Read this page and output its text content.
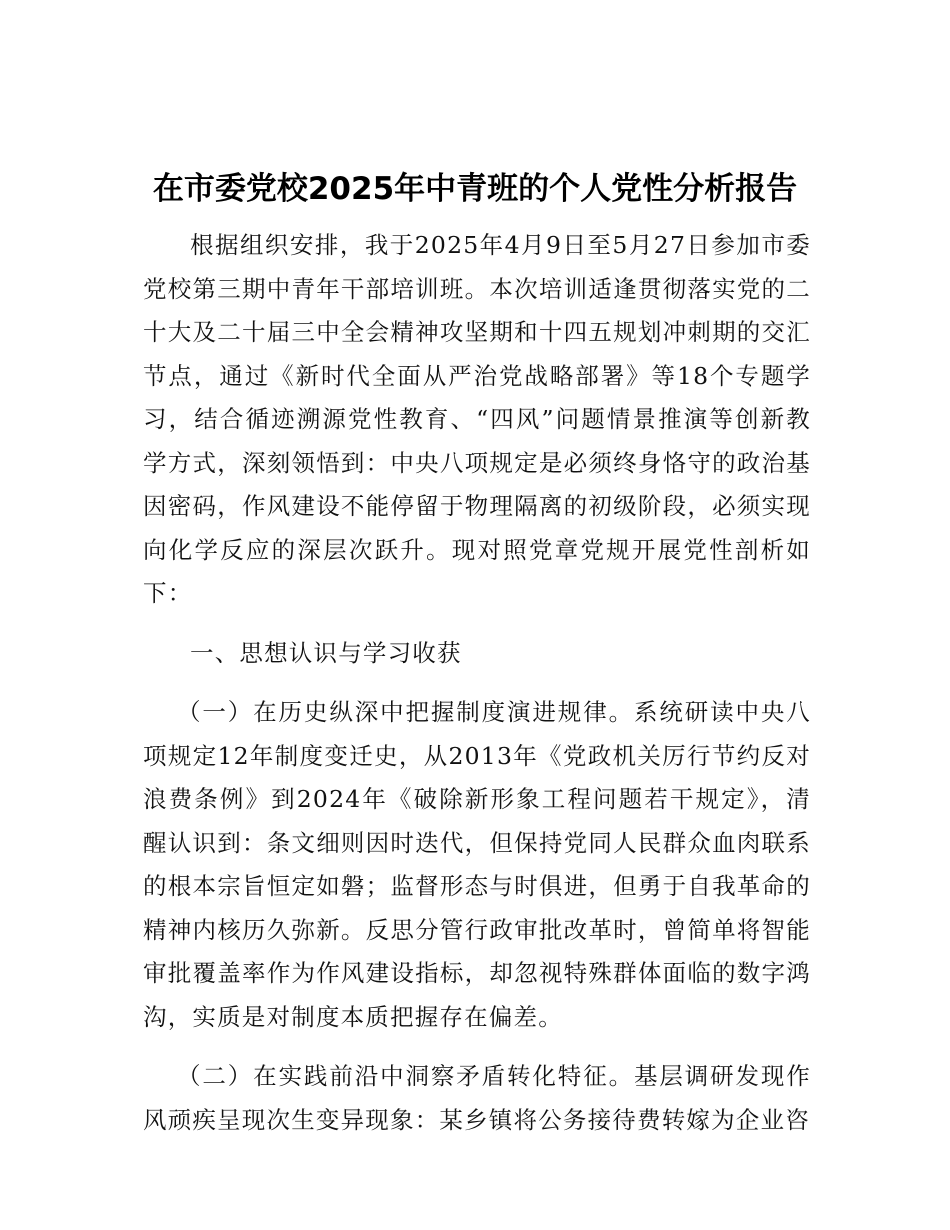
在市委党校2025年中青班的个人党性分析报告

根据组织安排，我于2025年4月9日至5月27日参加市委党校第三期中青年干部培训班。本次培训适逢贯彻落实党的二十大及二十届三中全会精神攻坚期和十四五规划冲刺期的交汇节点，通过《新时代全面从严治党战略部署》等18个专题学习，结合循迹溯源党性教育、“四风”问题情景推演等创新教学方式，深刻领悟到：中央八项规定是必须终身恪守的政治基因密码，作风建设不能停留于物理隔离的初级阶段，必须实现向化学反应的深层次跃升。现对照党章党规开展党性剖析如下：

一、思想认识与学习收获

（一）在历史纵深中把握制度演进规律。系统研读中央八项规定12年制度变迁史，从2013年《党政机关厉行节约反对浪费条例》到2024年《破除新形象工程问题若干规定》，清醒认识到：条文细则因时迭代，但保持党同人民群众血肉联系的根本宗旨恒定如磐；监督形态与时俱进，但勇于自我革命的精神内核历久弥新。反思分管行政审批改革时，曾简单将智能审批覆盖率作为作风建设指标，却忽视特殊群体面临的数字鸿沟，实质是对制度本质把握存在偏差。

（二）在实践前沿中洞察矛盾转化特征。基层调研发现作风顽疾呈现次生变异现象：某乡镇将公务接待费转嫁为企业咨
